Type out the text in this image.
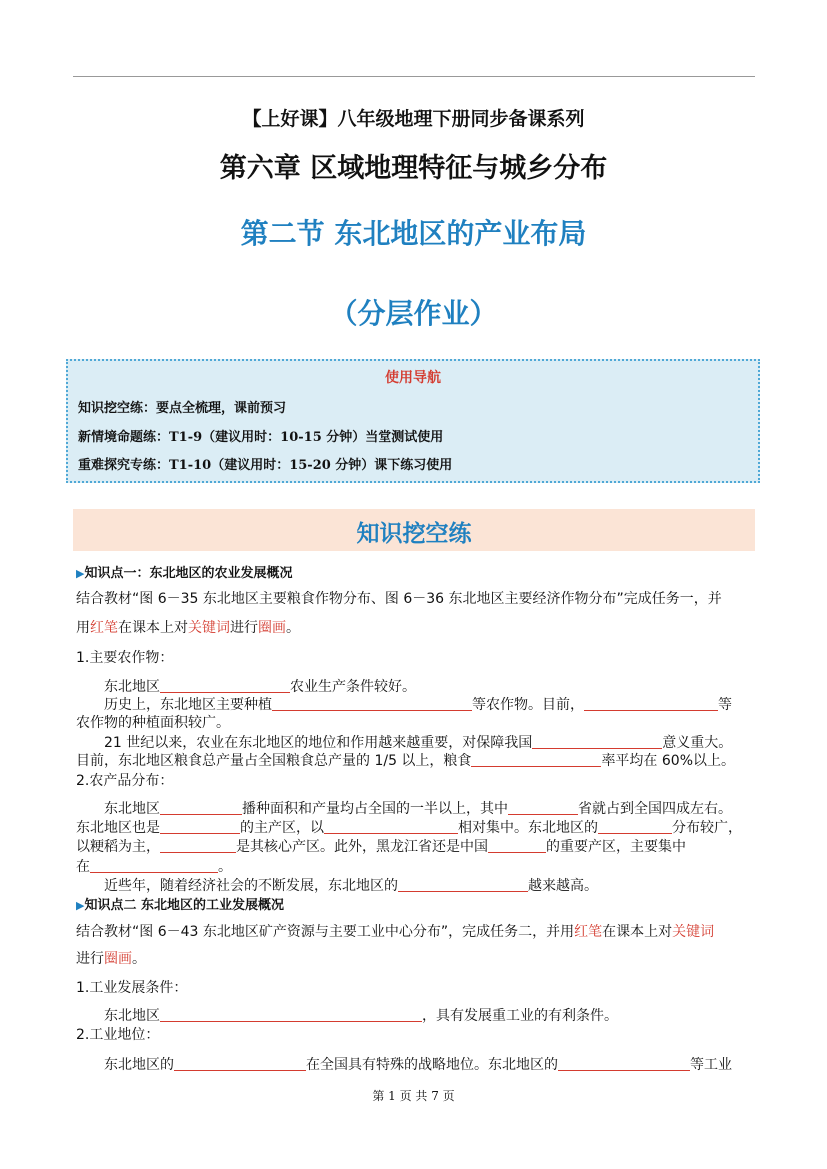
【上好课】八年级地理下册同步备课系列
第六章 区域地理特征与城乡分布
第二节 东北地区的产业布局
（分层作业）
使用导航
知识挖空练：要点全梳理，课前预习
新情境命题练：T1-9（建议用时：10-15 分钟）当堂测试使用
重难探究专练：T1-10（建议用时：15-20 分钟）课下练习使用
知识挖空练
▶知识点一：东北地区的农业发展概况
结合教材“图 6－35 东北地区主要粮食作物分布、图 6－36 东北地区主要经济作物分布”完成任务一，并
用红笔在课本上对关键词进行圈画。
1.主要农作物：
东北地区	农业生产条件较好。
历史上，东北地区主要种植	等农作物。目前，	等
农作物的种植面积较广。
21 世纪以来，农业在东北地区的地位和作用越来越重要，对保障我国	意义重大。
目前，东北地区粮食总产量占全国粮食总产量的 1/5 以上，粮食	率平均在 60%以上。
2.农产品分布：
东北地区	播种面积和产量均占全国的一半以上，其中	省就占到全国四成左右。
东北地区也是	的主产区，以	相对集中。东北地区的	分布较广，
以粳稻为主，	是其核心产区。此外，黑龙江省还是中国	的重要产区，主要集中
在	。
近些年，随着经济社会的不断发展，东北地区的	越来越高。
▶知识点二 东北地区的工业发展概况
结合教材“图 6－43 东北地区矿产资源与主要工业中心分布”，完成任务二，并用红笔在课本上对关键词
进行圈画。
1.工业发展条件：
东北地区	，具有发展重工业的有利条件。
2.工业地位：
东北地区的	在全国具有特殊的战略地位。东北地区的	等工业
第 1 页 共 7 页
